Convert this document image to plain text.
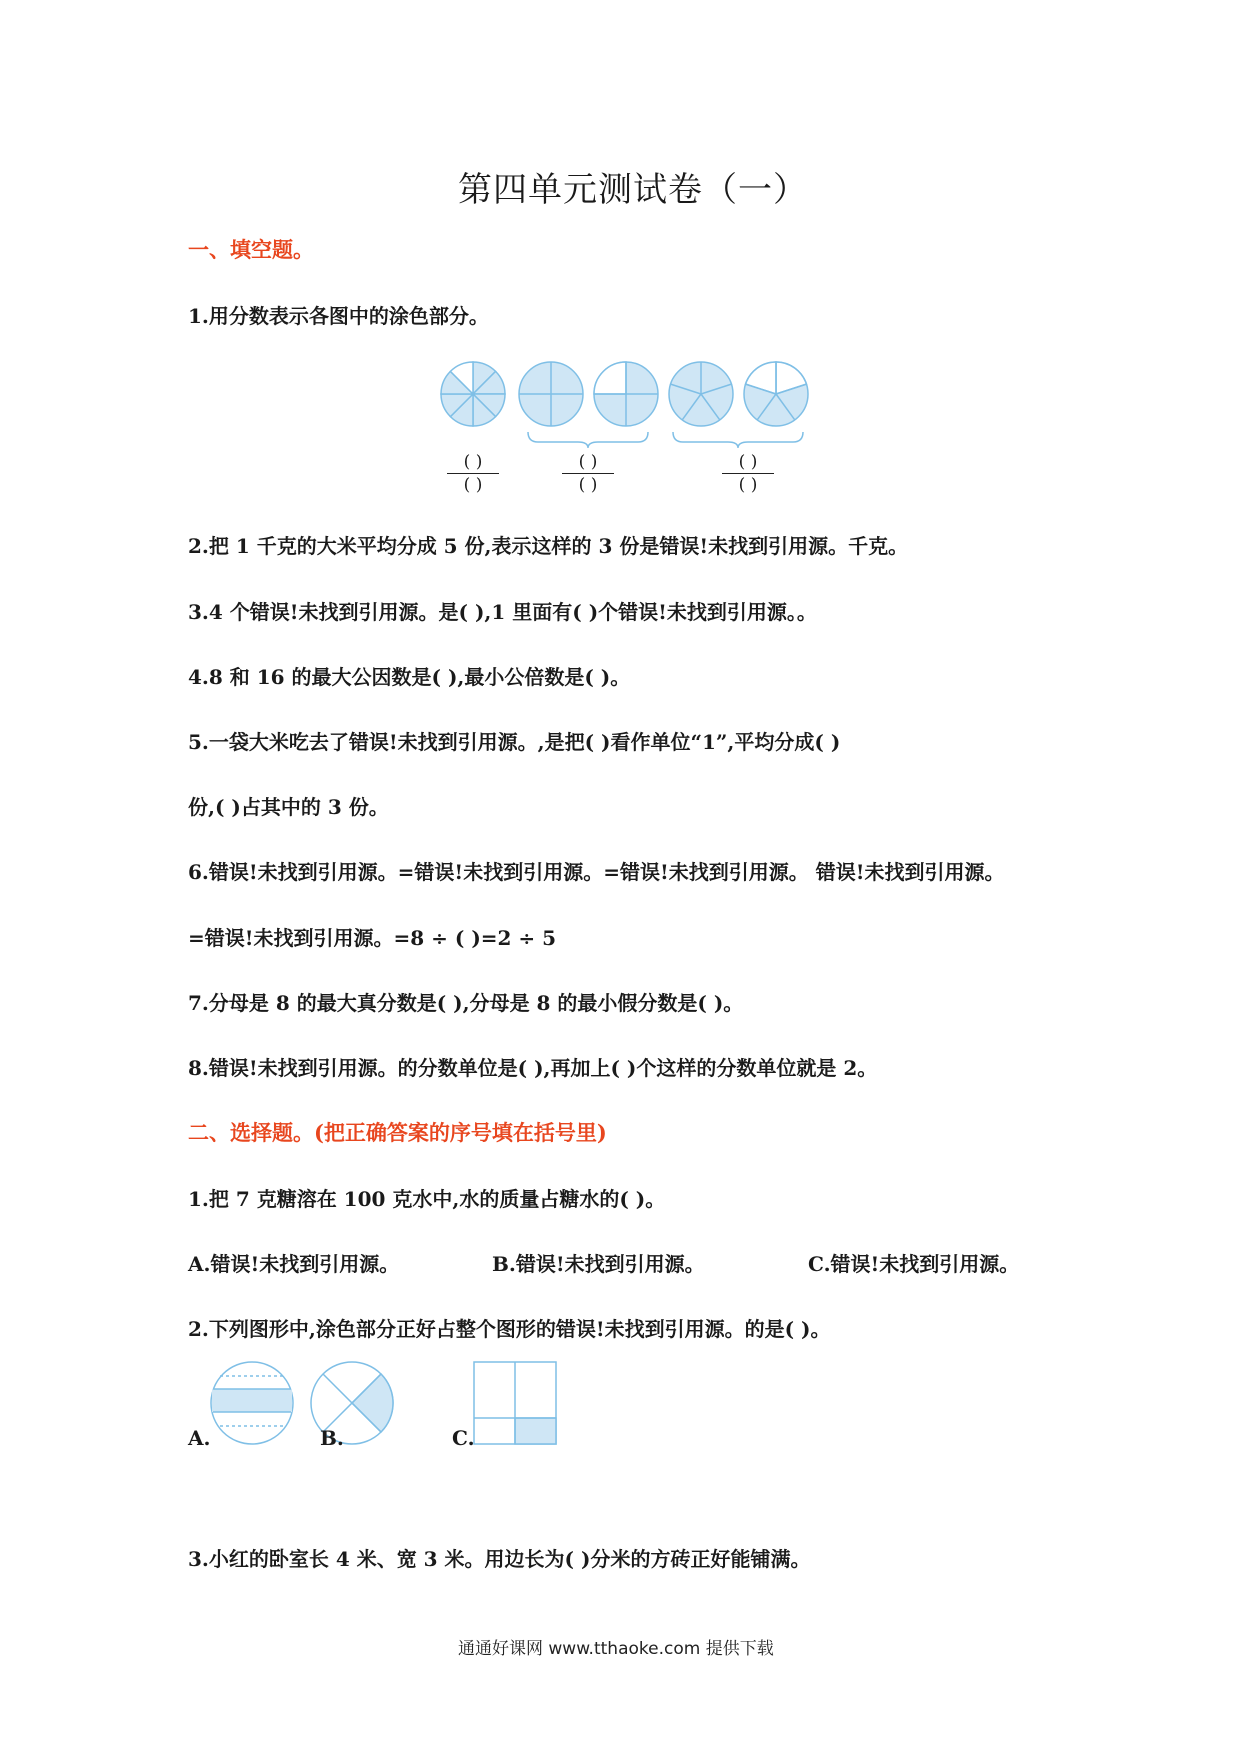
第四单元测试卷（一）
一、填空题。
1.用分数表示各图中的涂色部分。
( )
( )
( )
( )
( )
( )
2.把 1 千克的大米平均分成 5 份,表示这样的 3 份是错误!未找到引用源。千克。
3.4 个错误!未找到引用源。是( ),1 里面有( )个错误!未找到引用源。。
4.8 和 16 的最大公因数是( ),最小公倍数是( )。
5.一袋大米吃去了错误!未找到引用源。,是把( )看作单位“1”,平均分成( )
份,( )占其中的 3 份。
6.错误!未找到引用源。=错误!未找到引用源。=错误!未找到引用源。 错误!未找到引用源。
=错误!未找到引用源。=8 ÷ ( )=2 ÷ 5
7.分母是 8 的最大真分数是( ),分母是 8 的最小假分数是( )。
8.错误!未找到引用源。的分数单位是( ),再加上( )个这样的分数单位就是 2。
二、选择题。(把正确答案的序号填在括号里)
1.把 7 克糖溶在 100 克水中,水的质量占糖水的( )。
A.错误!未找到引用源。	B.错误!未找到引用源。	C.错误!未找到引用源。
2.下列图形中,涂色部分正好占整个图形的错误!未找到引用源。的是( )。
A.	B.	C.
3.小红的卧室长 4 米、宽 3 米。用边长为( )分米的方砖正好能铺满。
通通好课网 www.tthaoke.com 提供下载
